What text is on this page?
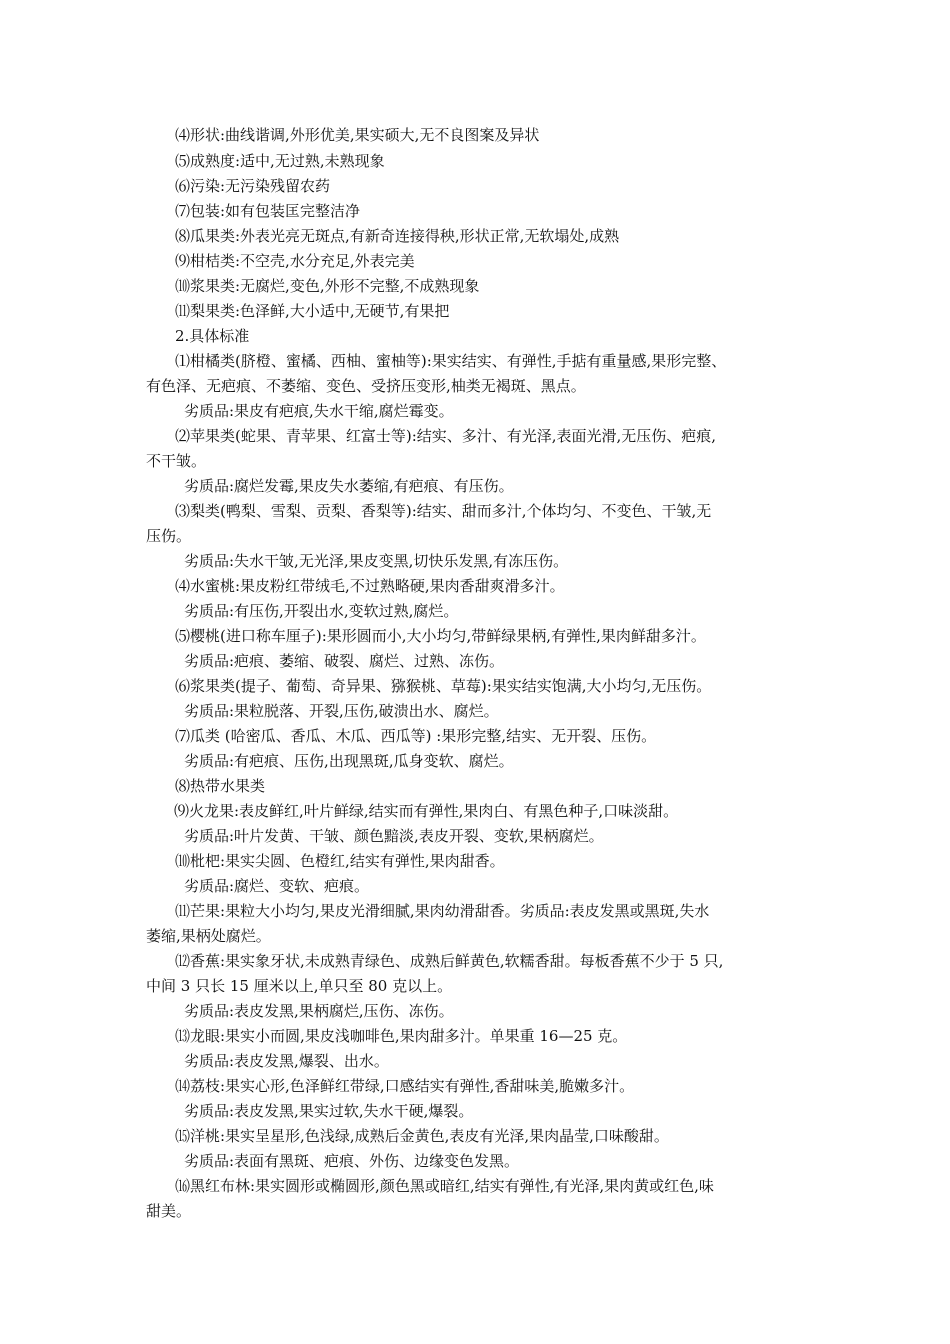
⑷形状:曲线谐调,外形优美,果实硕大,无不良图案及异状
⑸成熟度:适中,无过熟,未熟现象
⑹污染:无污染残留农药
⑺包装:如有包装匡完整洁净
⑻瓜果类:外表光亮无斑点,有新奇连接得秧,形状正常,无软塌处,成熟
⑼柑桔类:不空壳,水分充足,外表完美
⑽浆果类:无腐烂,变色,外形不完整,不成熟现象
⑾梨果类:色泽鲜,大小适中,无硬节,有果把
2.具体标准
⑴柑橘类(脐橙、蜜橘、西柚、蜜柚等):果实结实、有弹性,手掂有重量感,果形完整、
有色泽、无疤痕、不萎缩、变色、受挤压变形,柚类无褐斑、黑点。
劣质品:果皮有疤痕,失水干缩,腐烂霉变。
⑵苹果类(蛇果、青苹果、红富士等):结实、多汁、有光泽,表面光滑,无压伤、疤痕,
不干皱。
劣质品:腐烂发霉,果皮失水萎缩,有疤痕、有压伤。
⑶梨类(鸭梨、雪梨、贡梨、香梨等):结实、甜而多汁,个体均匀、不变色、干皱,无
压伤。
劣质品:失水干皱,无光泽,果皮变黑,切快乐发黑,有冻压伤。
⑷水蜜桃:果皮粉红带绒毛,不过熟略硬,果肉香甜爽滑多汁。
劣质品:有压伤,开裂出水,变软过熟,腐烂。
⑸樱桃(进口称车厘子):果形圆而小,大小均匀,带鲜绿果柄,有弹性,果肉鲜甜多汁。
劣质品:疤痕、萎缩、破裂、腐烂、过熟、冻伤。
⑹浆果类(提子、葡萄、奇异果、猕猴桃、草莓):果实结实饱满,大小均匀,无压伤。
劣质品:果粒脱落、开裂,压伤,破溃出水、腐烂。
⑺瓜类 (哈密瓜、香瓜、木瓜、西瓜等) :果形完整,结实、无开裂、压伤。
劣质品:有疤痕、压伤,出现黑斑,瓜身变软、腐烂。
⑻热带水果类
⑼火龙果:表皮鲜红,叶片鲜绿,结实而有弹性,果肉白、有黑色种子,口味淡甜。
劣质品:叶片发黄、干皱、颜色黯淡,表皮开裂、变软,果柄腐烂。
⑽枇杷:果实尖圆、色橙红,结实有弹性,果肉甜香。
劣质品:腐烂、变软、疤痕。
⑾芒果:果粒大小均匀,果皮光滑细腻,果肉幼滑甜香。劣质品:表皮发黑或黑斑,失水
萎缩,果柄处腐烂。
⑿香蕉:果实象牙状,未成熟青绿色、成熟后鲜黄色,软糯香甜。每板香蕉不少于 5 只,
中间 3 只长 15 厘米以上,单只至 80 克以上。
劣质品:表皮发黑,果柄腐烂,压伤、冻伤。
⒀龙眼:果实小而圆,果皮浅咖啡色,果肉甜多汁。单果重 16—25 克。
劣质品:表皮发黑,爆裂、出水。
⒁荔枝:果实心形,色泽鲜红带绿,口感结实有弹性,香甜味美,脆嫩多汁。
劣质品:表皮发黑,果实过软,失水干硬,爆裂。
⒂洋桃:果实呈星形,色浅绿,成熟后金黄色,表皮有光泽,果肉晶莹,口味酸甜。
劣质品:表面有黑斑、疤痕、外伤、边缘变色发黑。
⒃黑红布林:果实圆形或椭圆形,颜色黑或暗红,结实有弹性,有光泽,果肉黄或红色,味
甜美。
